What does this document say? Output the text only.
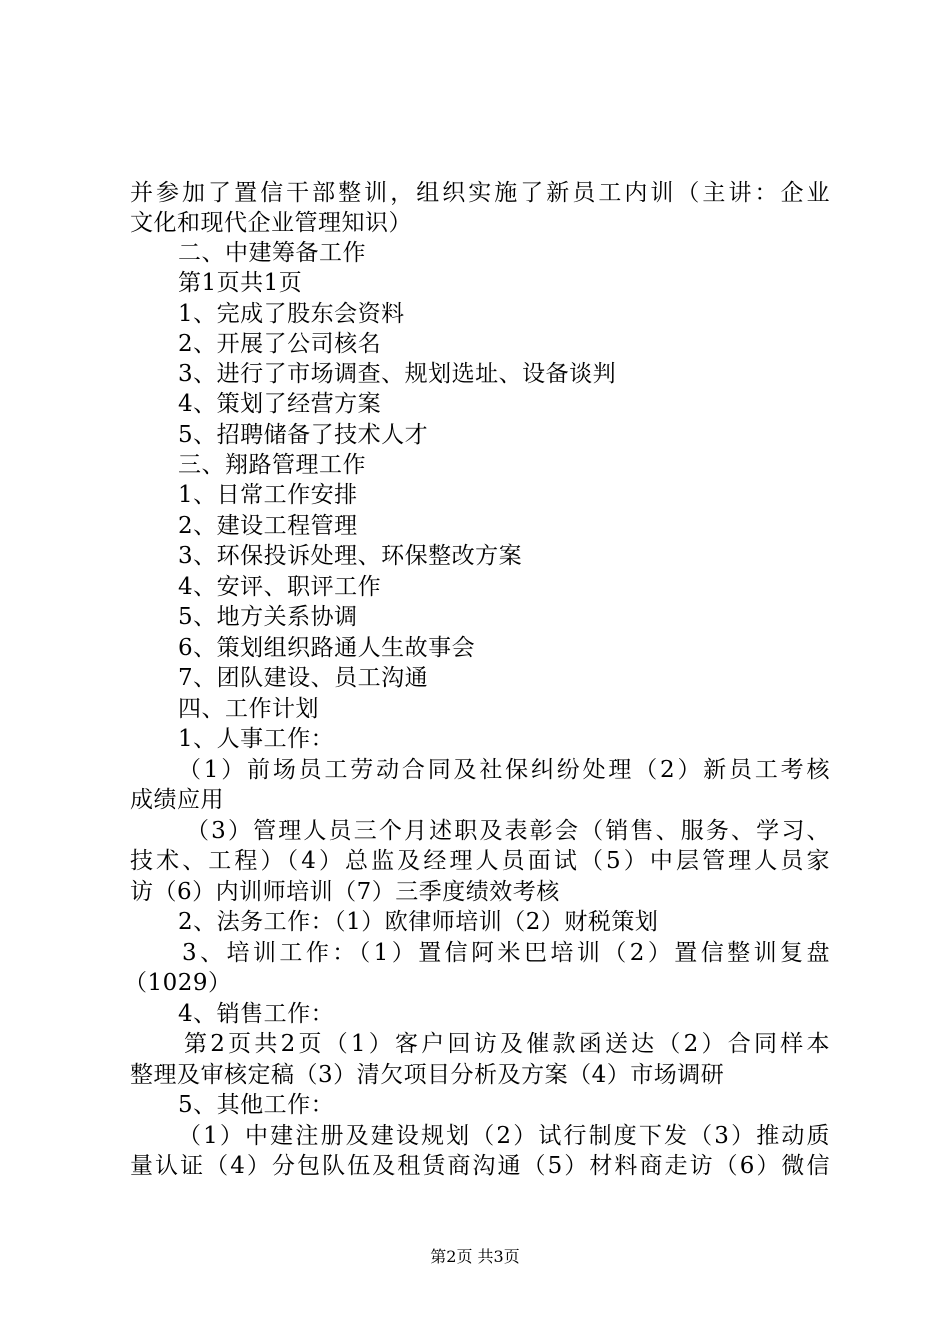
并参加了置信干部整训，组织实施了新员工内训（主讲：企业
文化和现代企业管理知识）
二、中建筹备工作
第1页共1页
1、完成了股东会资料
2、开展了公司核名
3、进行了市场调查、规划选址、设备谈判
4、策划了经营方案
5、招聘储备了技术人才
三、翔路管理工作
1、日常工作安排
2、建设工程管理
3、环保投诉处理、环保整改方案
4、安评、职评工作
5、地方关系协调
6、策划组织路通人生故事会
7、团队建设、员工沟通
四、工作计划
1、人事工作：
（1）前场员工劳动合同及社保纠纷处理（2）新员工考核
成绩应用
（3）管理人员三个月述职及表彰会（销售、服务、学习、
技术、工程）（4）总监及经理人员面试（5）中层管理人员家
访（6）内训师培训（7）三季度绩效考核
2、法务工作：（1）欧律师培训（2）财税策划
3、培训工作：（1）置信阿米巴培训（2）置信整训复盘
（1029）
4、销售工作：
第2页共2页（1）客户回访及催款函送达（2）合同样本
整理及审核定稿（3）清欠项目分析及方案（4）市场调研
5、其他工作：
（1）中建注册及建设规划（2）试行制度下发（3）推动质
量认证（4）分包队伍及租赁商沟通（5）材料商走访（6）微信
第2页 共3页
